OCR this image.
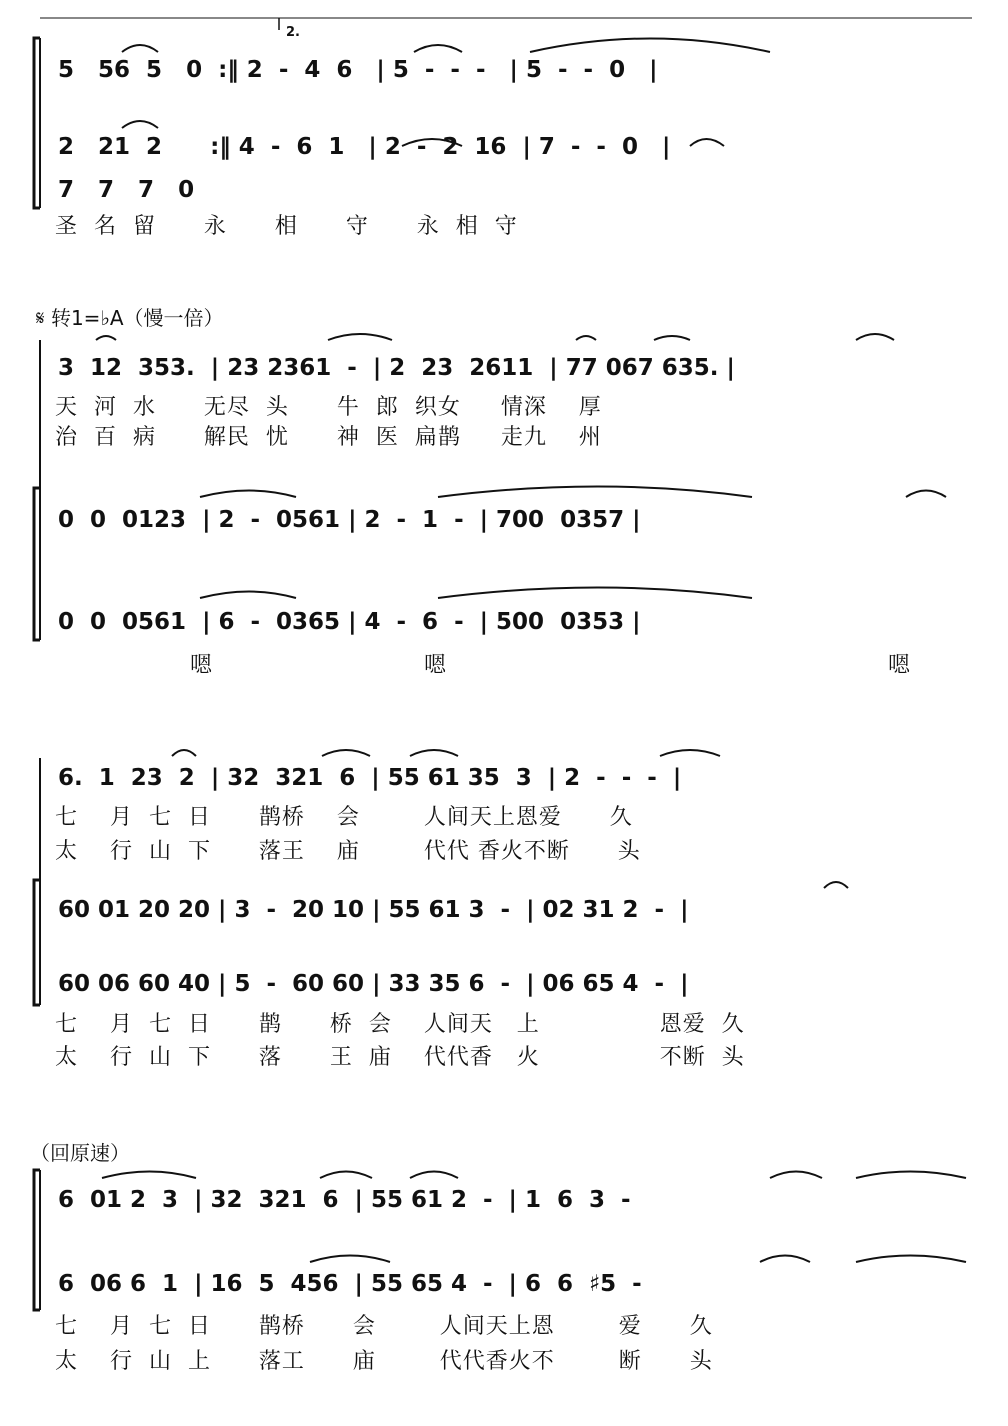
5   56  5   0  :‖ 2  -  4  6   | 5  -  -  -   | 5  -  -  0   |
2   21  2      :‖ 4  -  6  1   | 2  -  2  16  | 7  -  -  0   |
7   7   7   0
圣  名  留      永      相      守      永  相  守
2.
𝄋 转1=♭A（慢一倍）
3  12  353.  | 23 2361  -  | 2  23  2611  | 77 067 635. |
天  河  水      无尽  头      牛  郎  织女     情深    厚
治  百  病      解民  忧      神  医  扁鹊     走九    州
0  0  0123  | 2  -  0561 | 2  -  1  -  | 700  0357 |
0  0  0561  | 6  -  0365 | 4  -  6  -  | 500  0353 |
嗯	嗯	嗯
6.  1  23  2  | 32  321  6  | 55 61 35  3  | 2  -  -  -  |
七    月  七  日      鹊桥    会        人间天上恩爱      久
太    行  山  下      落王    庙        代代 香火不断      头
60 01 20 20 | 3  -  20 10 | 55 61 3  -  | 02 31 2  -  |
60 06 60 40 | 5  -  60 60 | 33 35 6  -  | 06 65 4  -  |
七    月  七  日      鹊      桥  会    人间天   上               恩爱  久
太    行  山  下      落      王  庙    代代香   火               不断  头
（回原速）
6  01 2  3  | 32  321  6  | 55 61 2  -  | 1  6  3  -
6  06 6  1  | 16  5  456  | 55 65 4  -  | 6  6  ♯5  -
七    月  七  日      鹊桥      会        人间天上恩        爱      久
太    行  山  上      落工      庙        代代香火不        断      头
